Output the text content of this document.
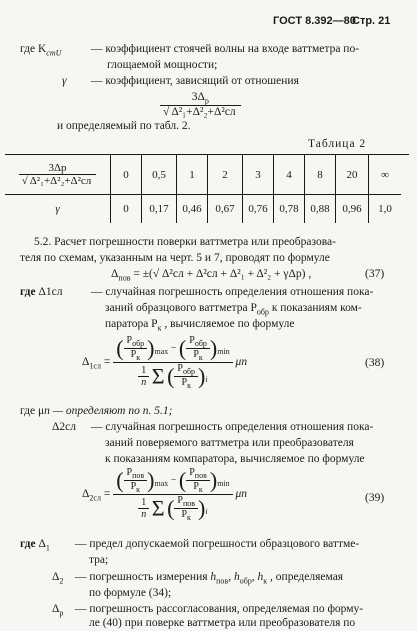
ГОСТ 8.392—80
Стр. 21
где $K_{стU}$	— коэффициент стоячей волны на входе ваттметра по-
глощаемой мощности;
γ — коэффициент, зависящий от отношения
$\frac{3\Delta_р}{\text{√ Δ²₁+Δ²₂+Δ²сл}}$
и определяемый по табл. 2.
Таблица 2
$\frac{3\Delta р}{\text{√ Δ²₁+Δ²₂+Δ²сл}}$	0	0,5	1	2	3	4	8	20	∞
γ	0	0,17	0,46	0,67	0,76	0,78	0,88	0,96	1,0
5.2. Расчет погрешности поверки ваттметра или преобразова-
теля по схемам, указанным на черт. 5 и 7, проводят по формуле
$\Delta_{пов}$ = ±(√ Δ²сл + Δ²сл + Δ²₁ + Δ²₂ + γΔр) ,	(37)
где Δ1сл — случайная погрешность определения отношения пока-
заний образцового ваттметра $P_{обр}$ к показаниям ком-
паратора $P_к$ , вычисляемое по формуле
$\Delta_{1сл} = \frac{( \frac{P_{обр}}{P_к} )_{max} - ( \frac{P_{обр}}{P_к} )_{min}}{\frac{1}{n} \Sigma ( \frac{P_{обр}}{P_к} )_i}$ μn	(38)
где μn — определяют по п. 5.1;
Δ2сл — случайная погрешность определения отношения пока-
заний поверяемого ваттметра или преобразователя
к показаниям компаратора, вычисляемое по формуле
$\Delta_{2сл} = \frac{( \frac{P_{пов}}{P_к} )_{max} - ( \frac{P_{пов}}{P_к} )_{min}}{\frac{1}{n} \Sigma ( \frac{P_{пов}}{P_к} )_i}$ μn	(39)
где $\Delta_1$ — предел допускаемой погрешности образцового ваттме-
тра;
$\Delta_2$ — погрешность измерения $h_{пов}$, $h_{обр}$, $h_к$ , определяемая
по формуле (34);
$\Delta_р$ — погрешность рассогласования, определяемая по форму-
ле (40) при поверке ваттметра или преобразователя по
